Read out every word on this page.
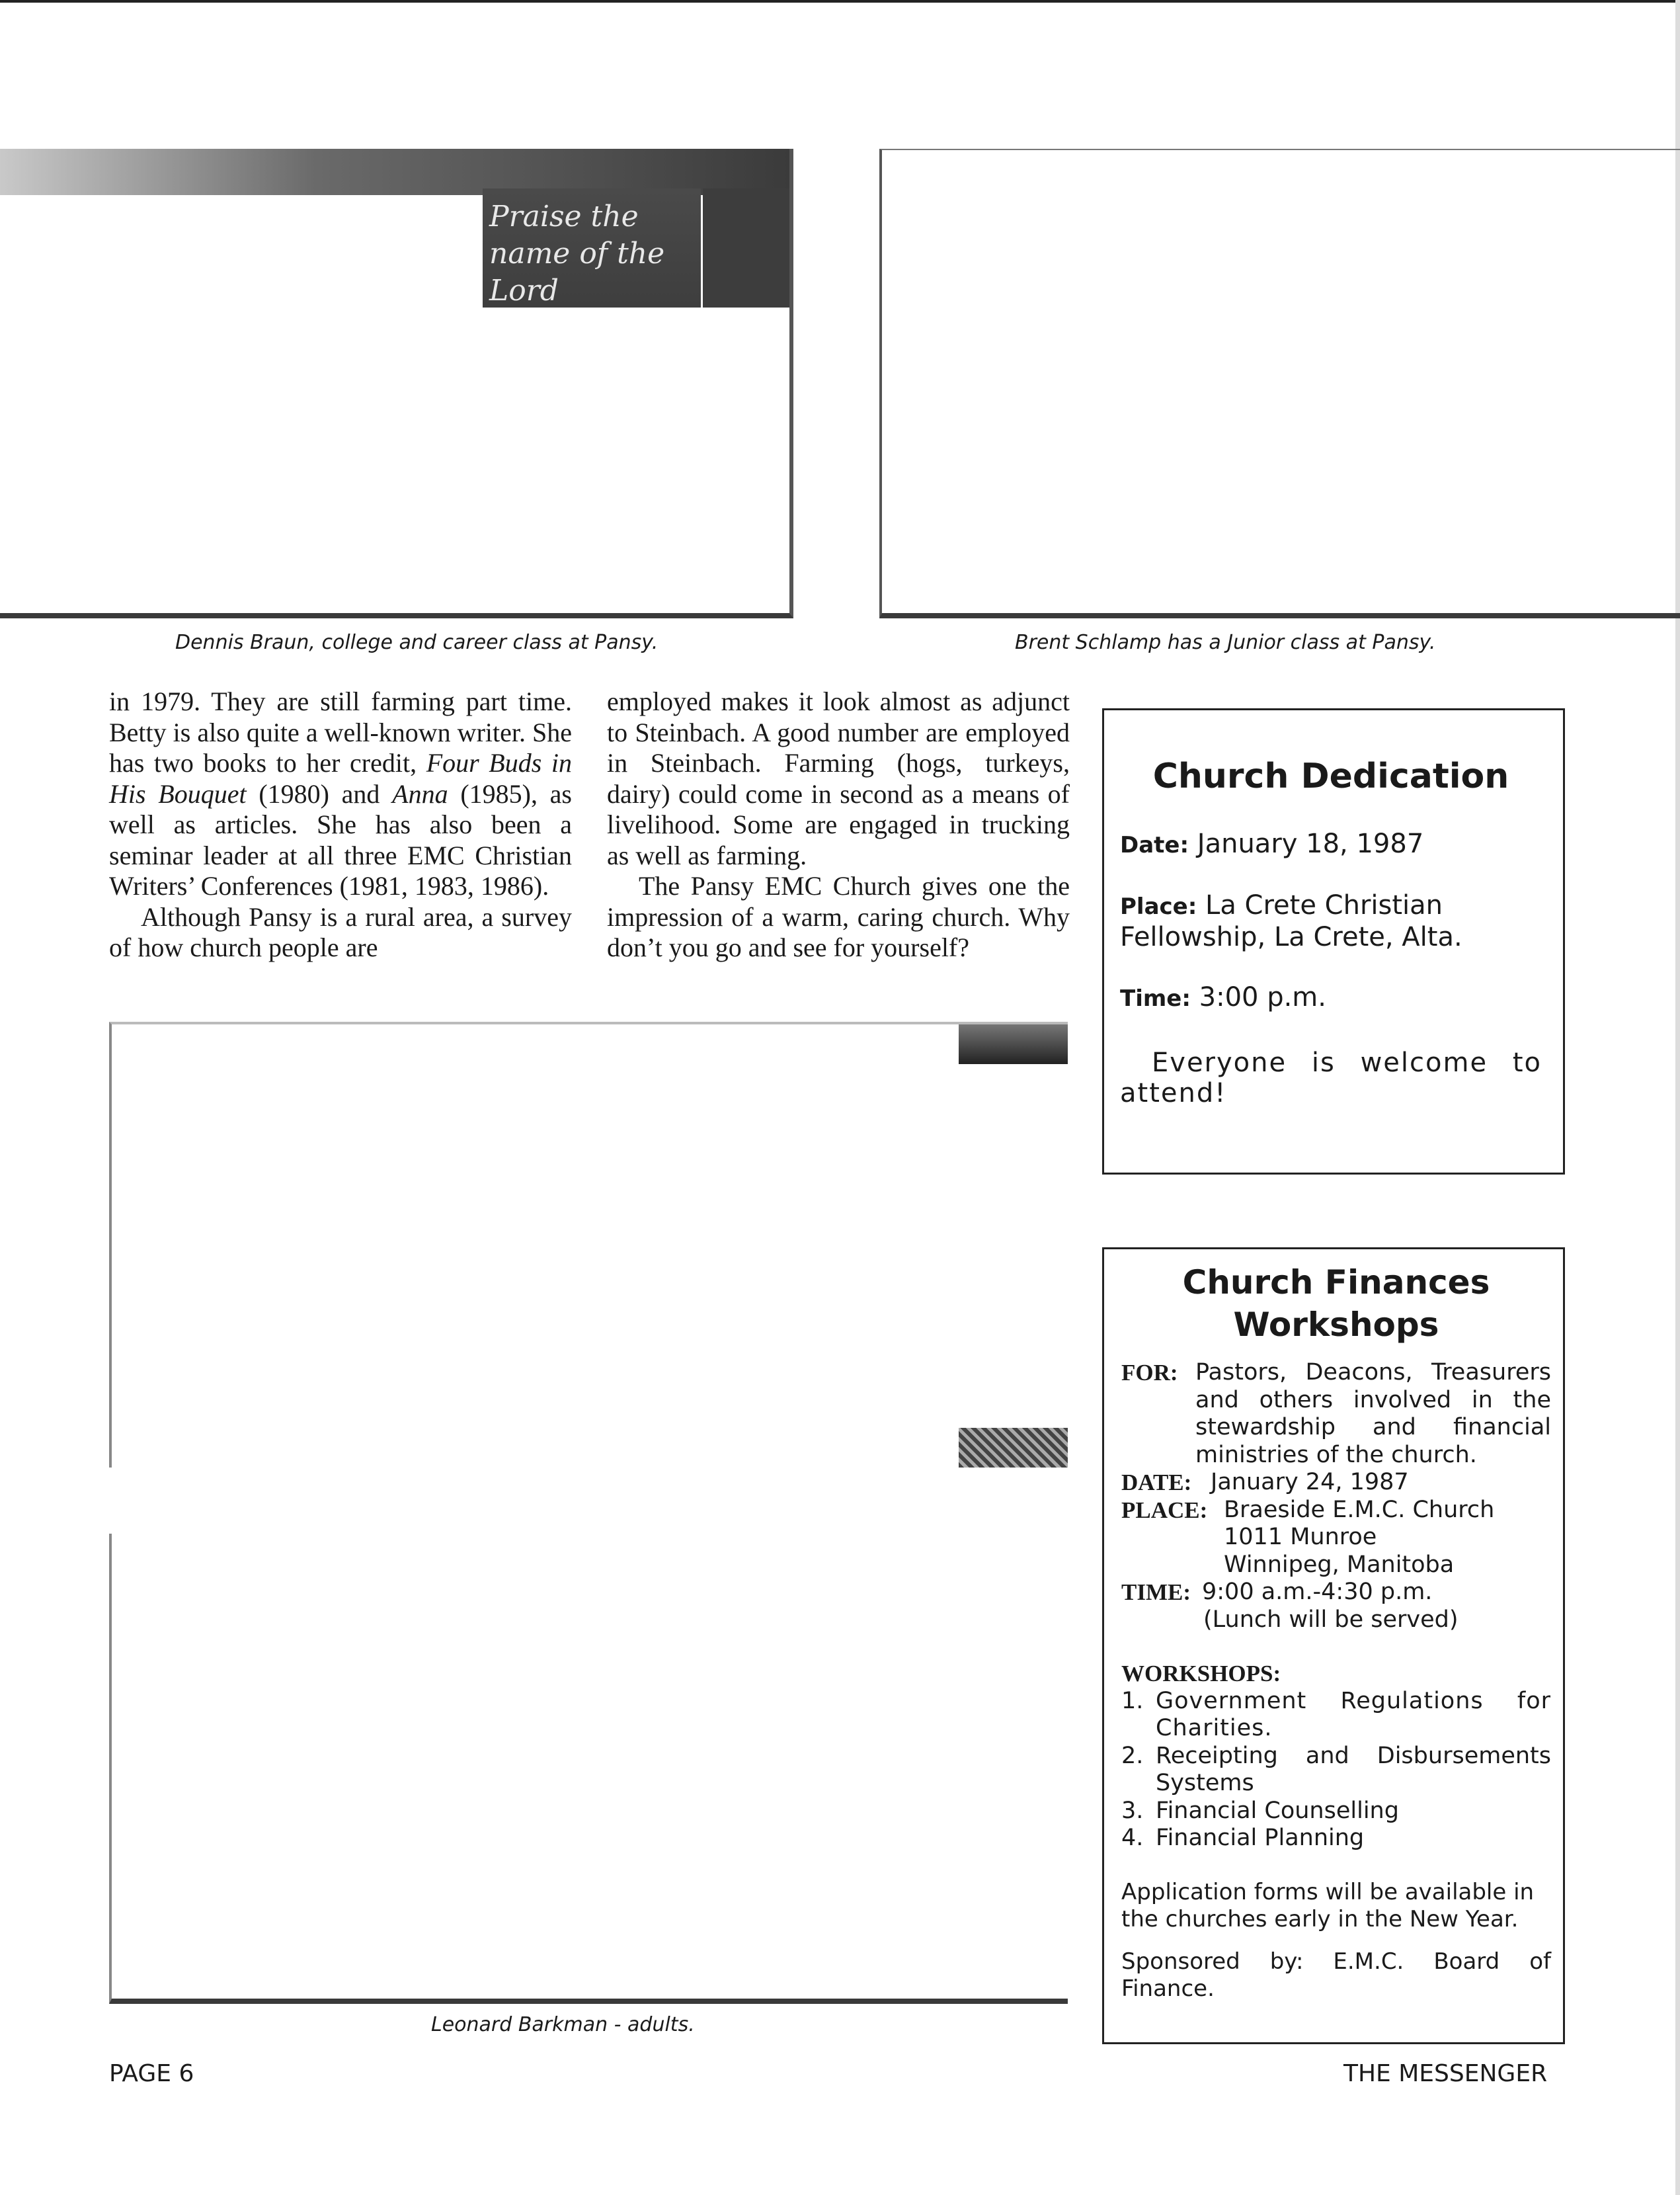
Praise the name of the Lord
Dennis Braun, college and career class at Pansy.	Brent Schlamp has a Junior class at Pansy.

in 1979. They are still farming part time. Betty is also quite a well-known writer. She has two books to her credit, Four Buds in His Bouquet (1980) and Anna (1985), as well as articles. She has also been a seminar leader at all three EMC Christian Writers’ Conferences (1981, 1983, 1986).

Although Pansy is a rural area, a survey of how church people are

employed makes it look almost as adjunct to Steinbach. A good number are employed in Steinbach. Farming (hogs, turkeys, dairy) could come in second as a means of livelihood. Some are engaged in trucking as well as farming.

The Pansy EMC Church gives one the impression of a warm, caring church. Why don’t you go and see for yourself?

Leonard Barkman - adults.
Church Dedication
Date: January 18, 1987
Place: La Crete Christian Fellowship, La Crete, Alta.
Time: 3:00 p.m.
Everyone is welcome to attend!
Church Finances
Workshops
FOR: Pastors, Deacons, Treasurers and others involved in the stewardship and financial ministries of the church.
DATE: January 24, 1987
PLACE: Braeside E.M.C. Church
1011 Munroe
Winnipeg, Manitoba
TIME: 9:00 a.m.-4:30 p.m.
(Lunch will be served)
WORKSHOPS:
1. Government Regulations for Charities.
2. Receipting and Disbursements Systems
3. Financial Counselling
4. Financial Planning
Application forms will be available in the churches early in the New Year.
Sponsored by: E.M.C. Board of Finance.
PAGE 6	THE MESSENGER
